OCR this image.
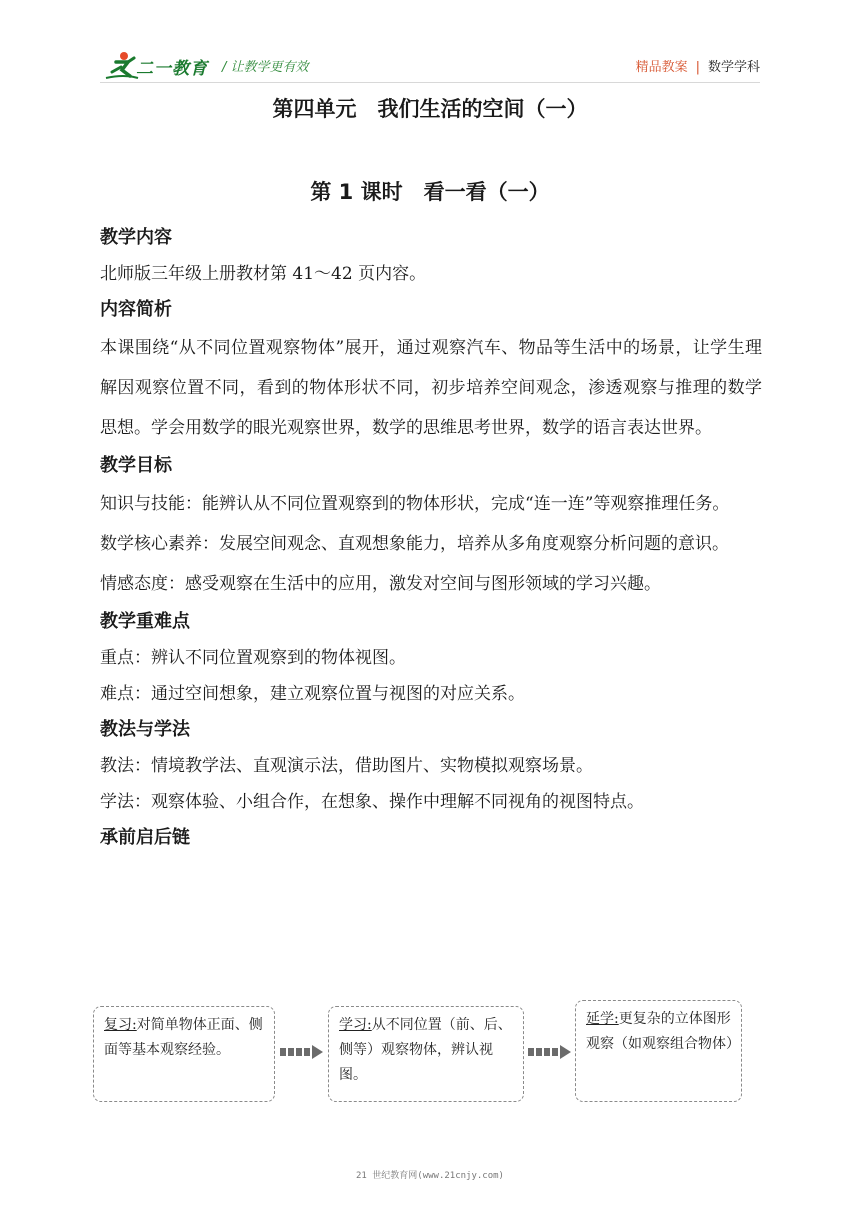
二一教育 / 让教学更有效	精品教案 | 数学学科
第四单元　我们生活的空间（一）
第 1 课时　看一看（一）

教学内容

北师版三年级上册教材第 41～42 页内容。

内容简析

本课围绕“从不同位置观察物体”展开，通过观察汽车、物品等生活中的场景，让学生理解因观察位置不同，看到的物体形状不同，初步培养空间观念，渗透观察与推理的数学思想。学会用数学的眼光观察世界，数学的思维思考世界，数学的语言表达世界。

教学目标

知识与技能：能辨认从不同位置观察到的物体形状，完成“连一连”等观察推理任务。

数学核心素养：发展空间观念、直观想象能力，培养从多角度观察分析问题的意识。

情感态度：感受观察在生活中的应用，激发对空间与图形领域的学习兴趣。

教学重难点

重点：辨认不同位置观察到的物体视图。

难点：通过空间想象，建立观察位置与视图的对应关系。

教法与学法

教法：情境教学法、直观演示法，借助图片、实物模拟观察场景。

学法：观察体验、小组合作，在想象、操作中理解不同视角的视图特点。

承前启后链

复习:对简单物体正面、侧面等基本观察经验。
学习:从不同位置（前、后、侧等）观察物体，辨认视图。
延学:更复杂的立体图形观察（如观察组合物体）
21 世纪教育网(www.21cnjy.com)
